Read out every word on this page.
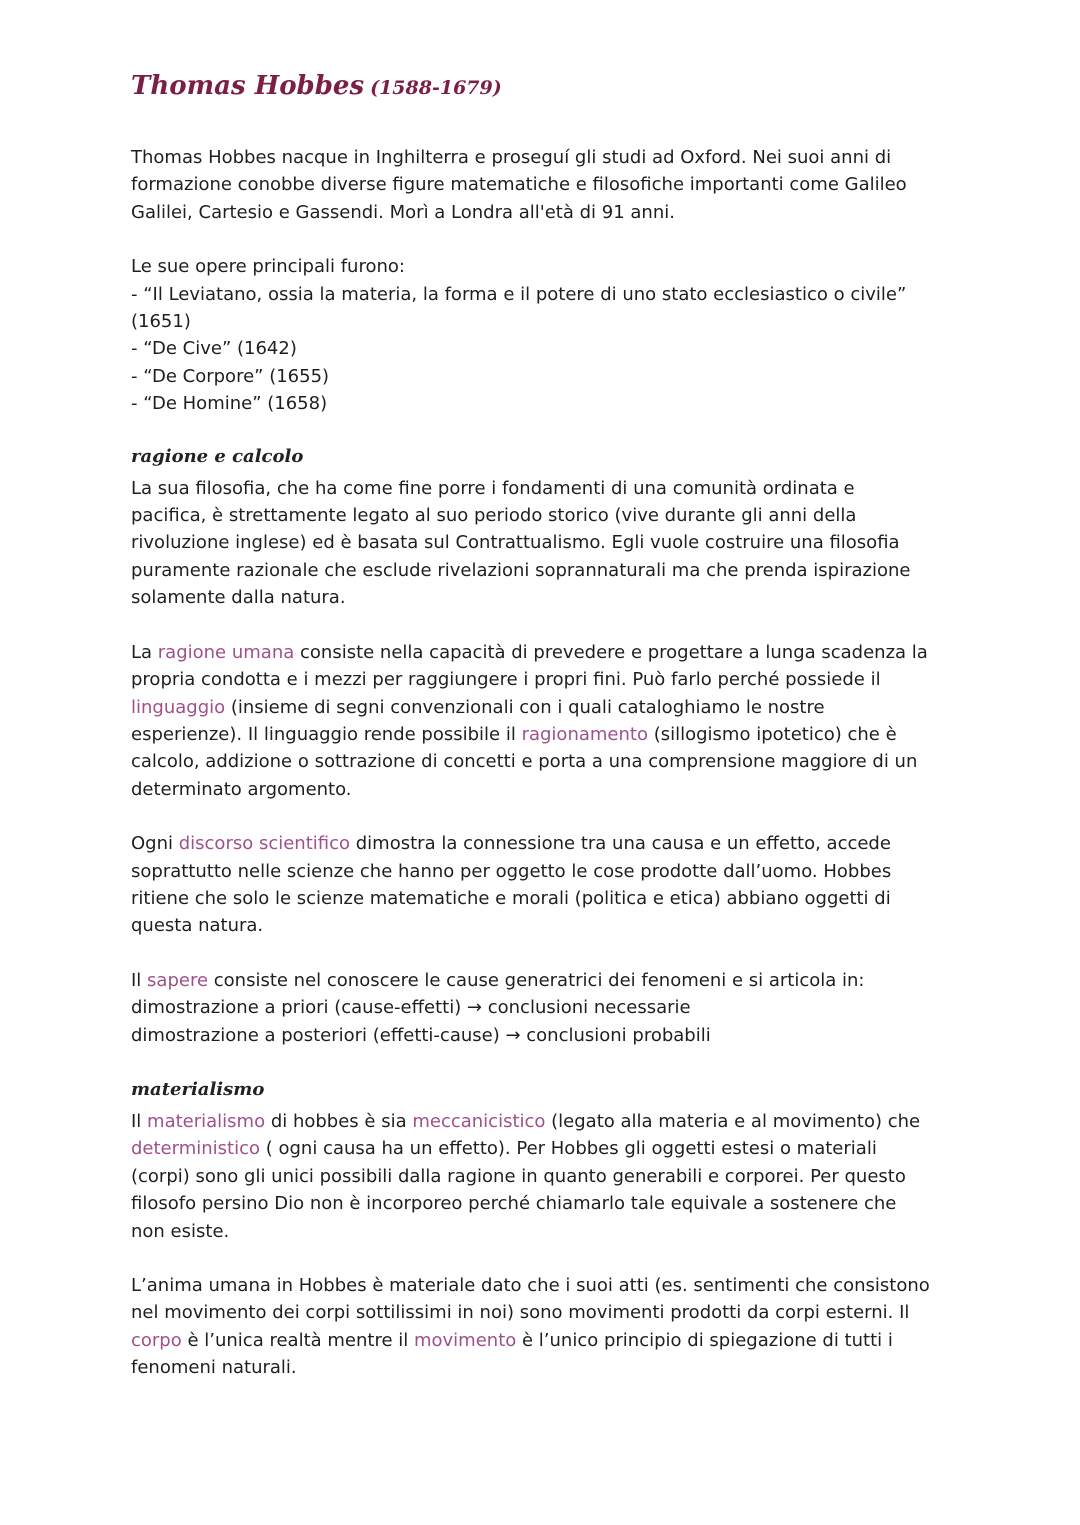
Thomas Hobbes (1588-1679)

Thomas Hobbes nacque in Inghilterra e proseguí gli studi ad Oxford. Nei suoi anni di
formazione conobbe diverse figure matematiche e filosofiche importanti come Galileo
Galilei, Cartesio e Gassendi. Morì a Londra all'età di 91 anni.

Le sue opere principali furono:
- “Il Leviatano, ossia la materia, la forma e il potere di uno stato ecclesiastico o civile”
(1651)
- “De Cive” (1642)
- “De Corpore” (1655)
- “De Homine” (1658)
ragione e calcolo

La sua filosofia, che ha come fine porre i fondamenti di una comunità ordinata e
pacifica, è strettamente legato al suo periodo storico (vive durante gli anni della
rivoluzione inglese) ed è basata sul Contrattualismo. Egli vuole costruire una filosofia
puramente razionale che esclude rivelazioni soprannaturali ma che prenda ispirazione
solamente dalla natura.

La ragione umana consiste nella capacità di prevedere e progettare a lunga scadenza la
propria condotta e i mezzi per raggiungere i propri fini. Può farlo perché possiede il
linguaggio (insieme di segni convenzionali con i quali cataloghiamo le nostre
esperienze). Il linguaggio rende possibile il ragionamento (sillogismo ipotetico) che è
calcolo, addizione o sottrazione di concetti e porta a una comprensione maggiore di un
determinato argomento.

Ogni discorso scientifico dimostra la connessione tra una causa e un effetto, accede
soprattutto nelle scienze che hanno per oggetto le cose prodotte dall’uomo. Hobbes
ritiene che solo le scienze matematiche e morali (politica e etica) abbiano oggetti di
questa natura.

Il sapere consiste nel conoscere le cause generatrici dei fenomeni e si articola in:
dimostrazione a priori (cause-effetti) → conclusioni necessarie
dimostrazione a posteriori (effetti-cause) → conclusioni probabili

materialismo

Il materialismo di hobbes è sia meccanicistico (legato alla materia e al movimento) che
deterministico ( ogni causa ha un effetto). Per Hobbes gli oggetti estesi o materiali
(corpi) sono gli unici possibili dalla ragione in quanto generabili e corporei. Per questo
filosofo persino Dio non è incorporeo perché chiamarlo tale equivale a sostenere che
non esiste.

L’anima umana in Hobbes è materiale dato che i suoi atti (es. sentimenti che consistono
nel movimento dei corpi sottilissimi in noi) sono movimenti prodotti da corpi esterni. Il
corpo è l’unica realtà mentre il movimento è l’unico principio di spiegazione di tutti i
fenomeni naturali.
